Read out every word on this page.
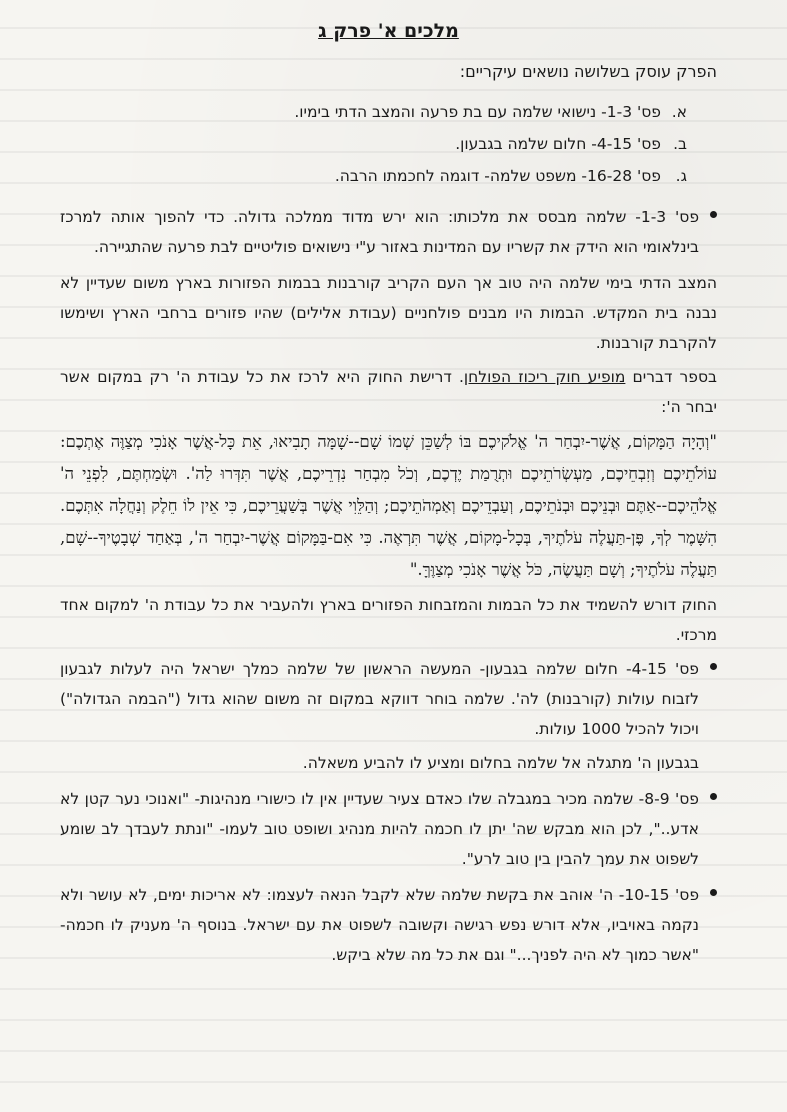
מלכים א' פרק ג

הפרק עוסק בשלושה נושאים עיקריים:

א.פס' 1-3- נישואי שלמה עם בת פרעה והמצב הדתי בימיו.
ב.פס' 4-15- חלום שלמה בגבעון.
ג.פס' 16-28- משפט שלמה- דוגמה לחכמתו הרבה.

פס' 1-3- שלמה מבסס את מלכותו: הוא ירש מדוד ממלכה גדולה. כדי להפוך אותה למרכז בינלאומי הוא הידק את קשריו עם המדינות באזור ע"י נישואים פוליטיים לבת פרעה שהתגיירה.

המצב הדתי בימי שלמה היה טוב אך העם הקריב קורבנות בבמות הפזורות בארץ משום שעדיין לא נבנה בית המקדש. הבמות היו מבנים פולחניים (עבודת אלילים) שהיו פזורים ברחבי הארץ ושימשו להקרבת קורבנות.

בספר דברים מופיע חוק ריכוז הפולחן. דרישת החוק היא לרכז את כל עבודת ה' רק במקום אשר יבחר ה':

"וְהָיָה הַמָּקוֹם, אֲשֶׁר-יִבְחַר ה' אֱלֹקיכֶם בּוֹ לְשַׁכֵּן שְׁמוֹ שָׁם--שָׁמָּה תָבִיאוּ, אֵת כָּל-אֲשֶׁר אָנֹכִי מְצַוֶּה אֶתְכֶם: עוֹלֹתֵיכֶם וְזִבְחֵיכֶם, מַעְשְׂרֹתֵיכֶם וּתְרֻמַת יֶדְכֶם, וְכֹל מִבְחַר נִדְרֵיכֶם, אֲשֶׁר תִּדְּרוּ לַה'. וּשְׂמַחְתֶּם, לִפְנֵי ה' אֱלֹהֵיכֶם--אַתֶּם וּבְנֵיכֶם וּבְנֹתֵיכֶם, וְעַבְדֵיכֶם וְאַמְהֹתֵיכֶם; וְהַלֵּוִי אֲשֶׁר בְּשַׁעֲרֵיכֶם, כִּי אֵין לוֹ חֵלֶק וְנַחֲלָה אִתְּכֶם. הִשָּׁמֶר לְךָ, פֶּן-תַּעֲלֶה עֹלֹתֶיךָ, בְּכָל-מָקוֹם, אֲשֶׁר תִּרְאֶה. כִּי אִם-בַּמָּקוֹם אֲשֶׁר-יִבְחַר ה', בְּאַחַד שְׁבָטֶיךָ--שָׁם, תַּעֲלֶה עֹלֹתֶיךָ; וְשָׁם תַּעֲשֶׂה, כֹּל אֲשֶׁר אָנֹכִי מְצַוֶּךָּ."

החוק דורש להשמיד את כל הבמות והמזבחות הפזורים בארץ ולהעביר את כל עבודת ה' למקום אחד מרכזי.

פס' 4-15- חלום שלמה בגבעון- המעשה הראשון של שלמה כמלך ישראל היה לעלות לגבעון לזבוח עולות (קורבנות) לה'. שלמה בוחר דווקא במקום זה משום שהוא גדול ("הבמה הגדולה") ויכול להכיל 1000 עולות.

בגבעון ה' מתגלה אל שלמה בחלום ומציע לו להביע משאלה.

פס' 8-9- שלמה מכיר במגבלה שלו כאדם צעיר שעדיין אין לו כישורי מנהיגות- "ואנוכי נער קטן לא אדע..", לכן הוא מבקש שה' יתן לו חכמה להיות מנהיג ושופט טוב לעמו- "ונתת לעבדך לב שומע לשפוט את עמך להבין בין טוב לרע".

פס' 10-15- ה' אוהב את בקשת שלמה שלא לקבל הנאה לעצמו: לא אריכות ימים, לא עושר ולא נקמה באויביו, אלא דורש נפש רגישה וקשובה לשפוט את עם ישראל. בנוסף ה' מעניק לו חכמה- "אשר כמוך לא היה לפניך..." וגם את כל מה שלא ביקש.
